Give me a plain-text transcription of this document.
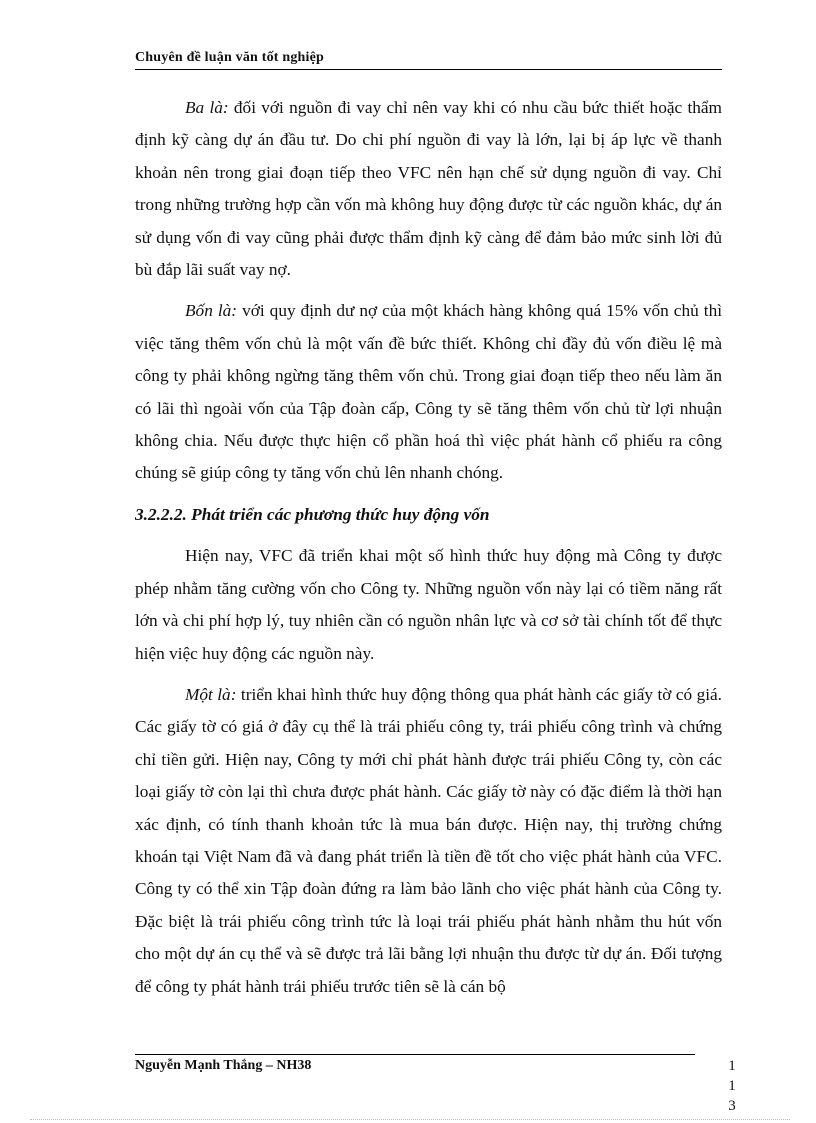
Chuyên đề luận văn tốt nghiệp

Ba là: đối với nguồn đi vay chỉ nên vay khi có nhu cầu bức thiết hoặc thẩm định kỹ càng dự án đầu tư. Do chi phí nguồn đi vay là lớn, lại bị áp lực về thanh khoản nên trong giai đoạn tiếp theo VFC nên hạn chế sử dụng nguồn đi vay. Chỉ trong những trường hợp cần vốn mà không huy động được từ các nguồn khác, dự án sử dụng vốn đi vay cũng phải được thẩm định kỹ càng để đảm bảo mức sinh lời đủ bù đắp lãi suất vay nợ.

Bốn là: với quy định dư nợ của một khách hàng không quá 15% vốn chủ thì việc tăng thêm vốn chủ là một vấn đề bức thiết. Không chỉ đầy đủ vốn điều lệ mà công ty phải không ngừng tăng thêm vốn chủ. Trong giai đoạn tiếp theo nếu làm ăn có lãi thì ngoài vốn của Tập đoàn cấp, Công ty sẽ tăng thêm vốn chủ từ lợi nhuận không chia. Nếu được thực hiện cổ phần hoá thì việc phát hành cổ phiếu ra công chúng sẽ giúp công ty tăng vốn chủ lên nhanh chóng.

3.2.2.2. Phát triển các phương thức huy động vốn

Hiện nay, VFC đã triển khai một số hình thức huy động mà Công ty được phép nhằm tăng cường vốn cho Công ty. Những nguồn vốn này lại có tiềm năng rất lớn và chi phí hợp lý, tuy nhiên cần có nguồn nhân lực và cơ sở tài chính tốt để thực hiện việc huy động các nguồn này.

Một là: triển khai hình thức huy động thông qua phát hành các giấy tờ có giá. Các giấy tờ có giá ở đây cụ thể là trái phiếu công ty, trái phiếu công trình và chứng chỉ tiền gửi. Hiện nay, Công ty mới chỉ phát hành được trái phiếu Công ty, còn các loại giấy tờ còn lại thì chưa được phát hành. Các giấy tờ này có đặc điểm là thời hạn xác định, có tính thanh khoản tức là mua bán được. Hiện nay, thị trường chứng khoán tại Việt Nam đã và đang phát triển là tiền đề tốt cho việc phát hành của VFC. Công ty có thể xin Tập đoàn đứng ra làm bảo lãnh cho việc phát hành của Công ty. Đặc biệt là trái phiếu công trình tức là loại trái phiếu phát hành nhằm thu hút vốn cho một dự án cụ thể và sẽ được trả lãi bằng lợi nhuận thu được từ dự án. Đối tượng để công ty phát hành trái phiếu trước tiên sẽ là cán bộ

Nguyễn Mạnh Thắng – NH38	1
1
3
